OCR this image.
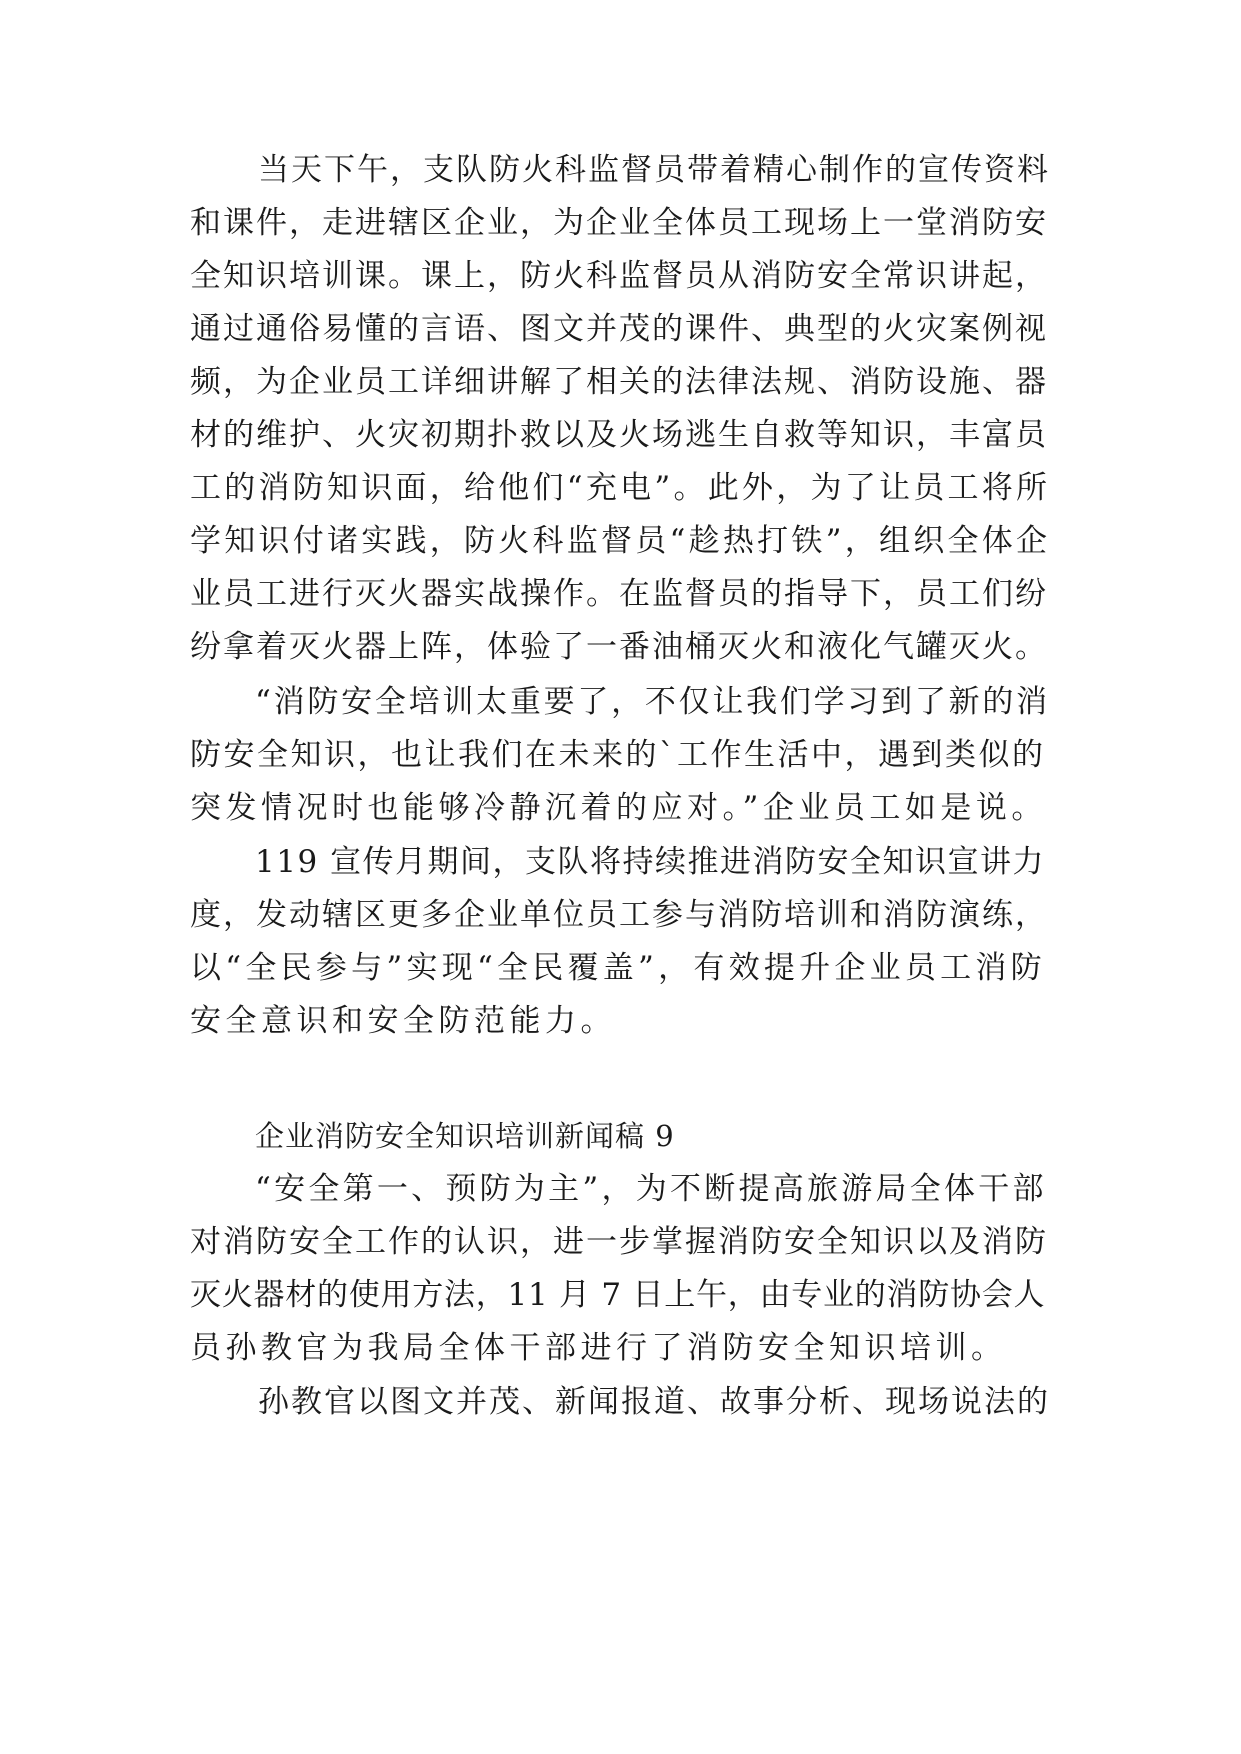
当天下午，支队防火科监督员带着精心制作的宣传资料
和课件，走进辖区企业，为企业全体员工现场上一堂消防安
全知识培训课。课上，防火科监督员从消防安全常识讲起，
通过通俗易懂的言语、图文并茂的课件、典型的火灾案例视
频，为企业员工详细讲解了相关的法律法规、消防设施、器
材的维护、火灾初期扑救以及火场逃生自救等知识，丰富员
工的消防知识面，给他们“充电”。此外，为了让员工将所
学知识付诸实践，防火科监督员“趁热打铁”，组织全体企
业员工进行灭火器实战操作。在监督员的指导下，员工们纷
纷拿着灭火器上阵，体验了一番油桶灭火和液化气罐灭火。
“消防安全培训太重要了，不仅让我们学习到了新的消
防安全知识，也让我们在未来的`工作生活中，遇到类似的
突发情况时也能够冷静沉着的应对。”企业员工如是说。
119 宣传月期间，支队将持续推进消防安全知识宣讲力
度，发动辖区更多企业单位员工参与消防培训和消防演练，
以“全民参与”实现“全民覆盖”，有效提升企业员工消防
安全意识和安全防范能力。
企业消防安全知识培训新闻稿 9
“安全第一、预防为主”，为不断提高旅游局全体干部
对消防安全工作的认识，进一步掌握消防安全知识以及消防
灭火器材的使用方法，11 月 7 日上午，由专业的消防协会人
员孙教官为我局全体干部进行了消防安全知识培训。
孙教官以图文并茂、新闻报道、故事分析、现场说法的
